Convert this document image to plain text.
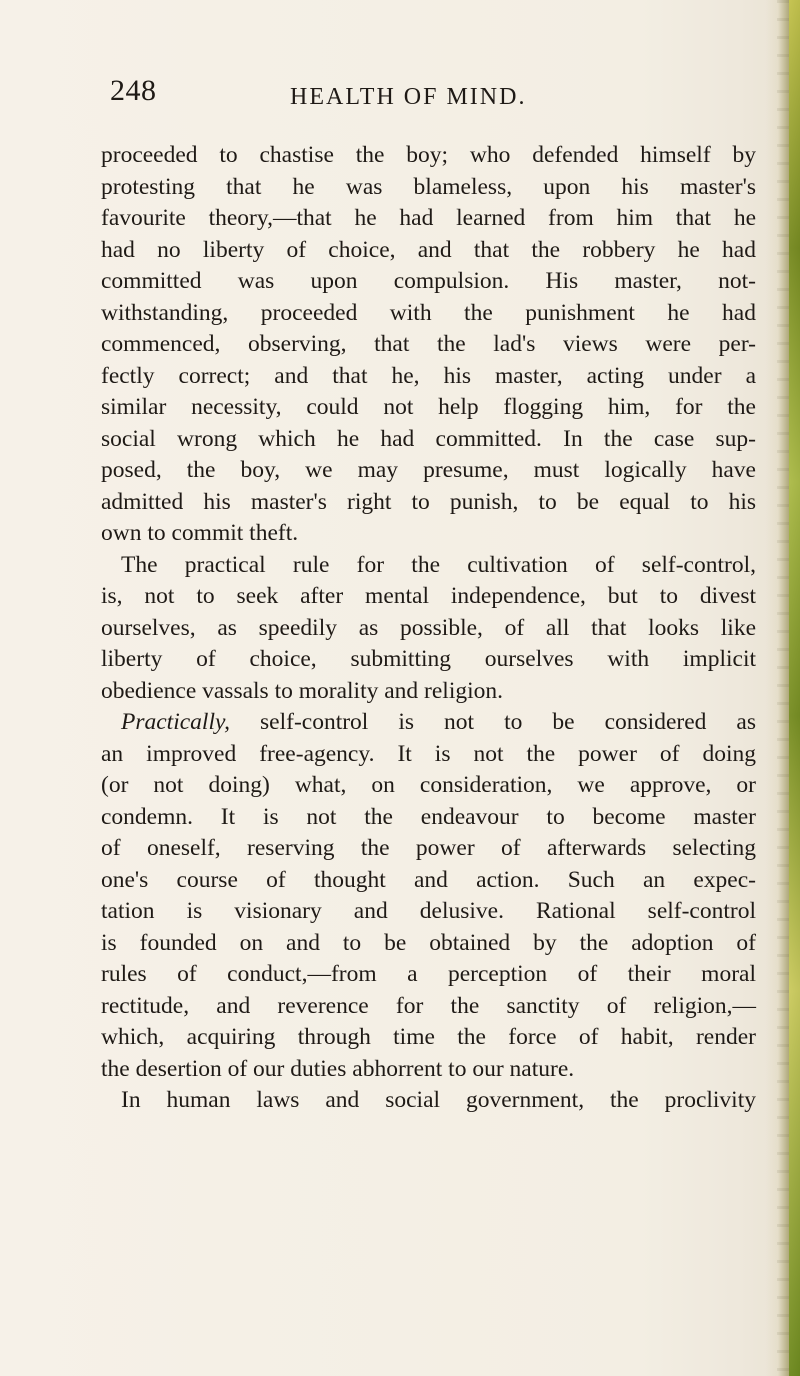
248	HEALTH OF MIND.
proceeded to chastise the boy; who defended himself by
protesting that he was blameless, upon his master's
favourite theory,—that he had learned from him that he
had no liberty of choice, and that the robbery he had
committed was upon compulsion. His master, not-
withstanding, proceeded with the punishment he had
commenced, observing, that the lad's views were per-
fectly correct; and that he, his master, acting under a
similar necessity, could not help flogging him, for the
social wrong which he had committed. In the case sup-
posed, the boy, we may presume, must logically have
admitted his master's right to punish, to be equal to his
own to commit theft.
The practical rule for the cultivation of self-control,
is, not to seek after mental independence, but to divest
ourselves, as speedily as possible, of all that looks like
liberty of choice, submitting ourselves with implicit
obedience vassals to morality and religion.
Practically, self-control is not to be considered as
an improved free-agency. It is not the power of doing
(or not doing) what, on consideration, we approve, or
condemn. It is not the endeavour to become master
of oneself, reserving the power of afterwards selecting
one's course of thought and action. Such an expec-
tation is visionary and delusive. Rational self-control
is founded on and to be obtained by the adoption of
rules of conduct,—from a perception of their moral
rectitude, and reverence for the sanctity of religion,—
which, acquiring through time the force of habit, render
the desertion of our duties abhorrent to our nature.
In human laws and social government, the proclivity
